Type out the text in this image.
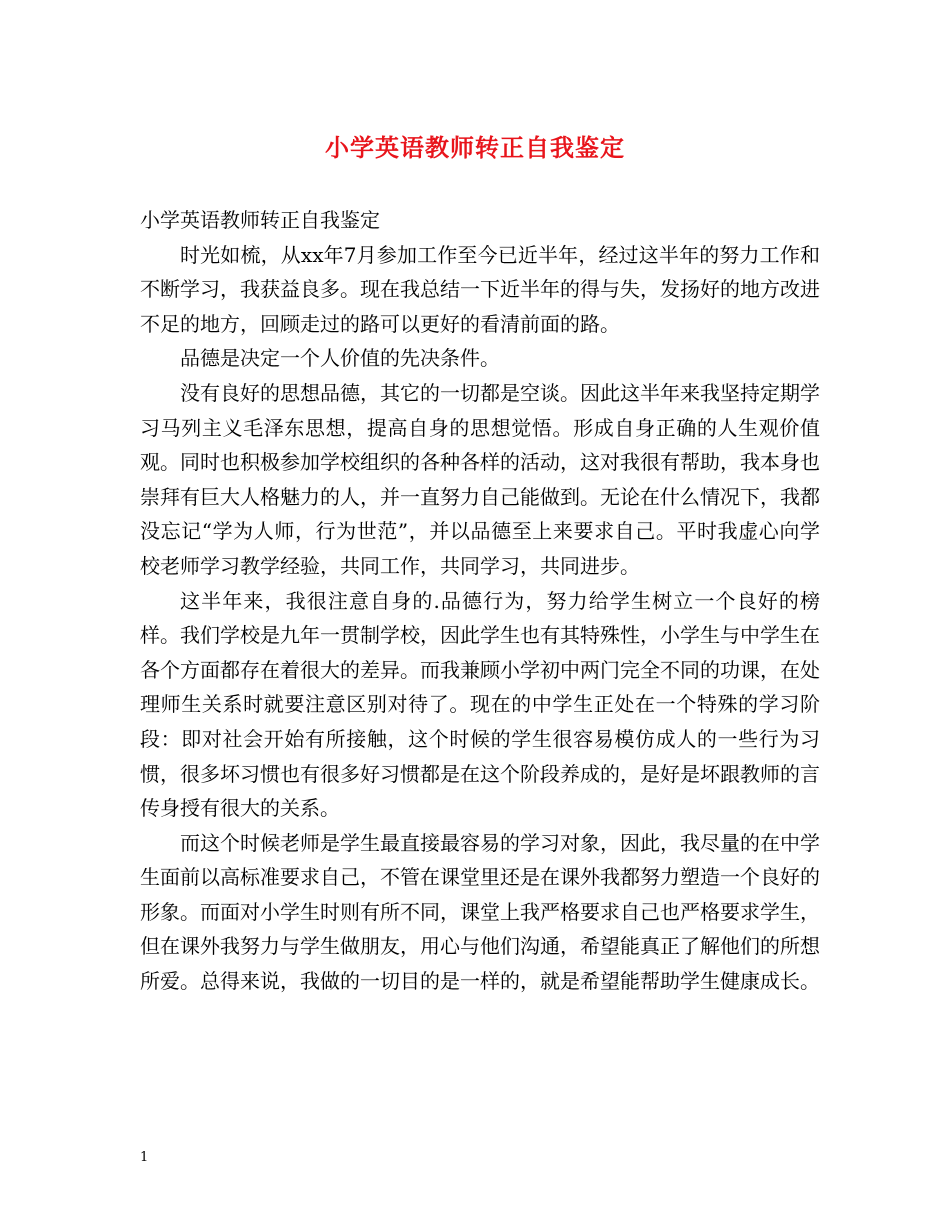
小学英语教师转正自我鉴定

小学英语教师转正自我鉴定

时光如梳，从xx年7月参加工作至今已近半年，经过这半年的努力工作和不断学习，我获益良多。现在我总结一下近半年的得与失，发扬好的地方改进不足的地方，回顾走过的路可以更好的看清前面的路。

品德是决定一个人价值的先决条件。

没有良好的思想品德，其它的一切都是空谈。因此这半年来我坚持定期学习马列主义毛泽东思想，提高自身的思想觉悟。形成自身正确的人生观价值观。同时也积极参加学校组织的各种各样的活动，这对我很有帮助，我本身也崇拜有巨大人格魅力的人，并一直努力自己能做到。无论在什么情况下，我都没忘记“学为人师，行为世范”，并以品德至上来要求自己。平时我虚心向学校老师学习教学经验，共同工作，共同学习，共同进步。

这半年来，我很注意自身的.品德行为，努力给学生树立一个良好的榜样。我们学校是九年一贯制学校，因此学生也有其特殊性，小学生与中学生在各个方面都存在着很大的差异。而我兼顾小学初中两门完全不同的功课，在处理师生关系时就要注意区别对待了。现在的中学生正处在一个特殊的学习阶段：即对社会开始有所接触，这个时候的学生很容易模仿成人的一些行为习惯，很多坏习惯也有很多好习惯都是在这个阶段养成的，是好是坏跟教师的言传身授有很大的关系。

而这个时候老师是学生最直接最容易的学习对象，因此，我尽量的在中学生面前以高标准要求自己，不管在课堂里还是在课外我都努力塑造一个良好的形象。而面对小学生时则有所不同，课堂上我严格要求自己也严格要求学生，但在课外我努力与学生做朋友，用心与他们沟通，希望能真正了解他们的所想所爱。总得来说，我做的一切目的是一样的，就是希望能帮助学生健康成长。

1
